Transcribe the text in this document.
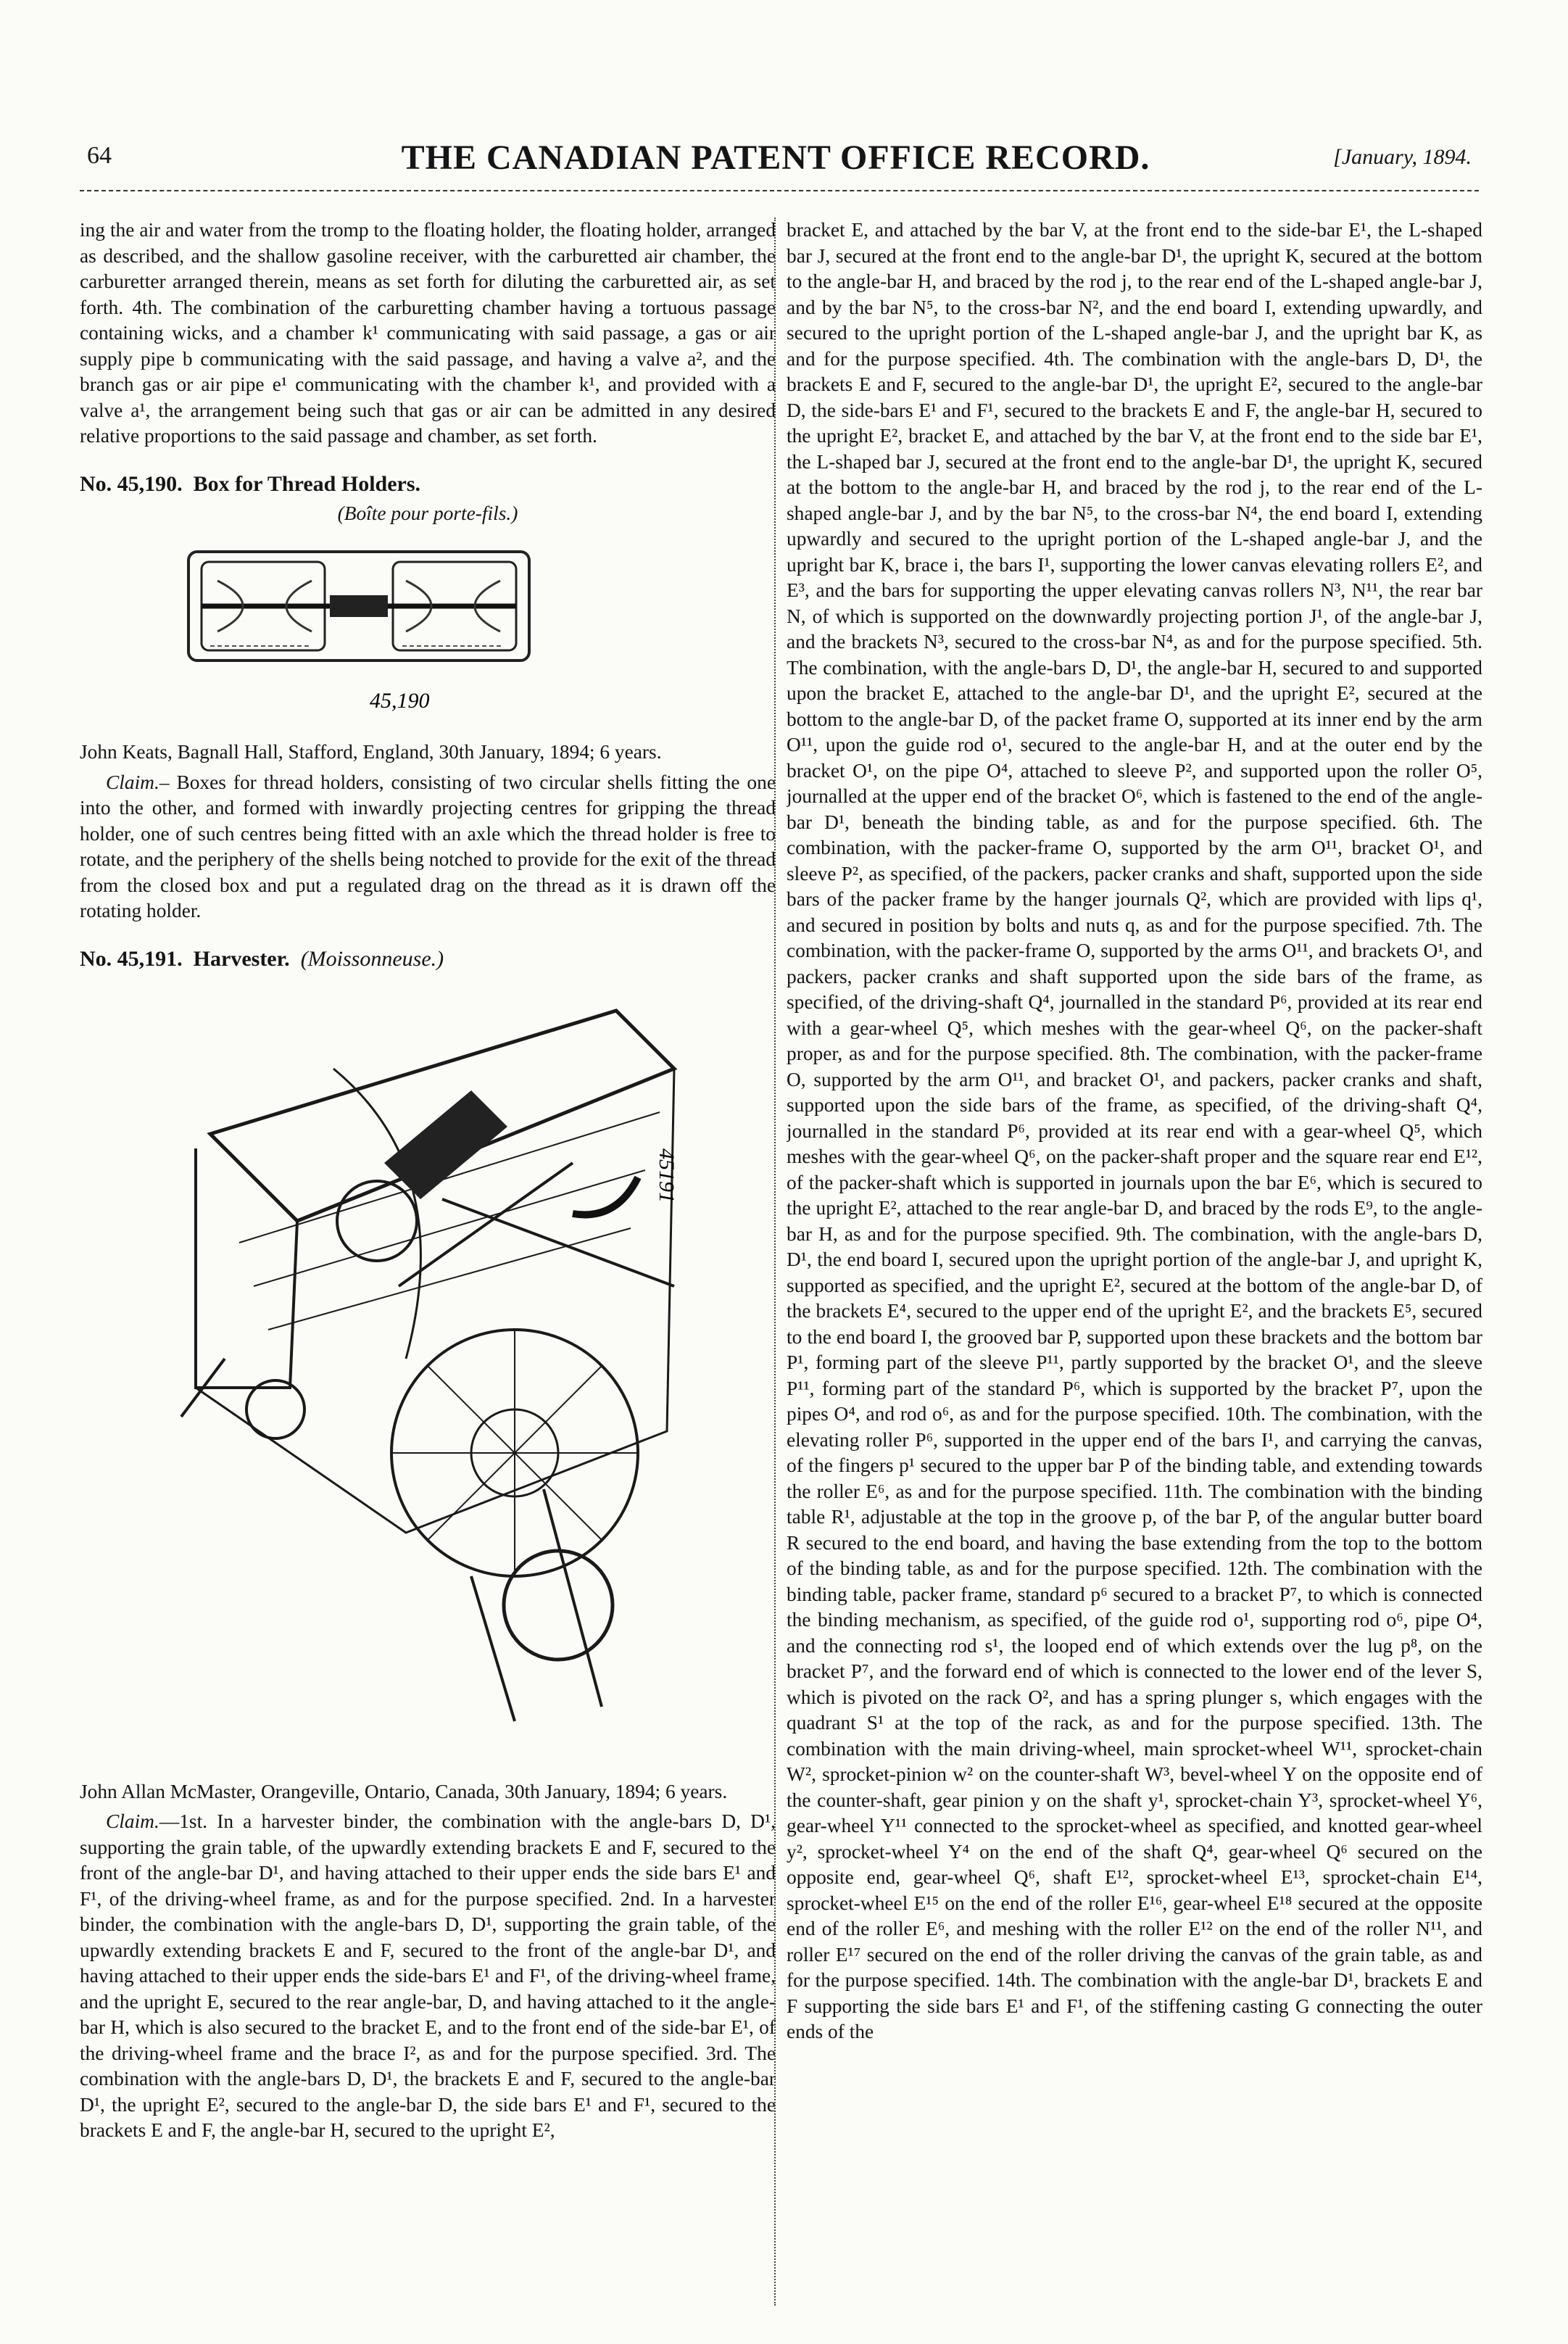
64	THE CANADIAN PATENT OFFICE RECORD.	[January, 1894.

ing the air and water from the tromp to the floating holder, the floating holder, arranged as described, and the shallow gasoline receiver, with the carburetted air chamber, the carburetter arranged therein, means as set forth for diluting the carburetted air, as set forth. 4th. The combination of the carburetting chamber having a tortuous passage containing wicks, and a chamber k¹ communicating with said passage, a gas or air supply pipe b communicating with the said passage, and having a valve a², and the branch gas or air pipe e¹ communicating with the chamber k¹, and provided with a valve a¹, the arrangement being such that gas or air can be admitted in any desired relative proportions to the said passage and chamber, as set forth.

No. 45,190. Box for Thread Holders.

(Boîte pour porte-fils.)

45,190

John Keats, Bagnall Hall, Stafford, England, 30th January, 1894; 6 years.

Claim.– Boxes for thread holders, consisting of two circular shells fitting the one into the other, and formed with inwardly projecting centres for gripping the thread holder, one of such centres being fitted with an axle which the thread holder is free to rotate, and the periphery of the shells being notched to provide for the exit of the thread from the closed box and put a regulated drag on the thread as it is drawn off the rotating holder.

No. 45,191. Harvester. (Moissonneuse.)

45191

John Allan McMaster, Orangeville, Ontario, Canada, 30th January, 1894; 6 years.

Claim.—1st. In a harvester binder, the combination with the angle-bars D, D¹, supporting the grain table, of the upwardly extending brackets E and F, secured to the front of the angle-bar D¹, and having attached to their upper ends the side bars E¹ and F¹, of the driving-wheel frame, as and for the purpose specified. 2nd. In a harvester binder, the combination with the angle-bars D, D¹, supporting the grain table, of the upwardly extending brackets E and F, secured to the front of the angle-bar D¹, and having attached to their upper ends the side-bars E¹ and F¹, of the driving-wheel frame, and the upright E, secured to the rear angle-bar, D, and having attached to it the angle-bar H, which is also secured to the bracket E, and to the front end of the side-bar E¹, of the driving-wheel frame and the brace I², as and for the purpose specified. 3rd. The combination with the angle-bars D, D¹, the brackets E and F, secured to the angle-bar D¹, the upright E², secured to the angle-bar D, the side bars E¹ and F¹, secured to the brackets E and F, the angle-bar H, secured to the upright E²,

bracket E, and attached by the bar V, at the front end to the side-bar E¹, the L-shaped bar J, secured at the front end to the angle-bar D¹, the upright K, secured at the bottom to the angle-bar H, and braced by the rod j, to the rear end of the L-shaped angle-bar J, and by the bar N⁵, to the cross-bar N², and the end board I, extending upwardly, and secured to the upright portion of the L-shaped angle-bar J, and the upright bar K, as and for the purpose specified. 4th. The combination with the angle-bars D, D¹, the brackets E and F, secured to the angle-bar D¹, the upright E², secured to the angle-bar D, the side-bars E¹ and F¹, secured to the brackets E and F, the angle-bar H, secured to the upright E², bracket E, and attached by the bar V, at the front end to the side bar E¹, the L-shaped bar J, secured at the front end to the angle-bar D¹, the upright K, secured at the bottom to the angle-bar H, and braced by the rod j, to the rear end of the L-shaped angle-bar J, and by the bar N⁵, to the cross-bar N⁴, the end board I, extending upwardly and secured to the upright portion of the L-shaped angle-bar J, and the upright bar K, brace i, the bars I¹, supporting the lower canvas elevating rollers E², and E³, and the bars for supporting the upper elevating canvas rollers N³, N¹¹, the rear bar N, of which is supported on the downwardly projecting portion J¹, of the angle-bar J, and the brackets N³, secured to the cross-bar N⁴, as and for the purpose specified. 5th. The combination, with the angle-bars D, D¹, the angle-bar H, secured to and supported upon the bracket E, attached to the angle-bar D¹, and the upright E², secured at the bottom to the angle-bar D, of the packet frame O, supported at its inner end by the arm O¹¹, upon the guide rod o¹, secured to the angle-bar H, and at the outer end by the bracket O¹, on the pipe O⁴, attached to sleeve P², and supported upon the roller O⁵, journalled at the upper end of the bracket O⁶, which is fastened to the end of the angle-bar D¹, beneath the binding table, as and for the purpose specified. 6th. The combination, with the packer-frame O, supported by the arm O¹¹, bracket O¹, and sleeve P², as specified, of the packers, packer cranks and shaft, supported upon the side bars of the packer frame by the hanger journals Q², which are provided with lips q¹, and secured in position by bolts and nuts q, as and for the purpose specified. 7th. The combination, with the packer-frame O, supported by the arms O¹¹, and brackets O¹, and packers, packer cranks and shaft supported upon the side bars of the frame, as specified, of the driving-shaft Q⁴, journalled in the standard P⁶, provided at its rear end with a gear-wheel Q⁵, which meshes with the gear-wheel Q⁶, on the packer-shaft proper, as and for the purpose specified. 8th. The combination, with the packer-frame O, supported by the arm O¹¹, and bracket O¹, and packers, packer cranks and shaft, supported upon the side bars of the frame, as specified, of the driving-shaft Q⁴, journalled in the standard P⁶, provided at its rear end with a gear-wheel Q⁵, which meshes with the gear-wheel Q⁶, on the packer-shaft proper and the square rear end E¹², of the packer-shaft which is supported in journals upon the bar E⁶, which is secured to the upright E², attached to the rear angle-bar D, and braced by the rods E⁹, to the angle-bar H, as and for the purpose specified. 9th. The combination, with the angle-bars D, D¹, the end board I, secured upon the upright portion of the angle-bar J, and upright K, supported as specified, and the upright E², secured at the bottom of the angle-bar D, of the brackets E⁴, secured to the upper end of the upright E², and the brackets E⁵, secured to the end board I, the grooved bar P, supported upon these brackets and the bottom bar P¹, forming part of the sleeve P¹¹, partly supported by the bracket O¹, and the sleeve P¹¹, forming part of the standard P⁶, which is supported by the bracket P⁷, upon the pipes O⁴, and rod o⁶, as and for the purpose specified. 10th. The combination, with the elevating roller P⁶, supported in the upper end of the bars I¹, and carrying the canvas, of the fingers p¹ secured to the upper bar P of the binding table, and extending towards the roller E⁶, as and for the purpose specified. 11th. The combination with the binding table R¹, adjustable at the top in the groove p, of the bar P, of the angular butter board R secured to the end board, and having the base extending from the top to the bottom of the binding table, as and for the purpose specified. 12th. The combination with the binding table, packer frame, standard p⁶ secured to a bracket P⁷, to which is connected the binding mechanism, as specified, of the guide rod o¹, supporting rod o⁶, pipe O⁴, and the connecting rod s¹, the looped end of which extends over the lug p⁸, on the bracket P⁷, and the forward end of which is connected to the lower end of the lever S, which is pivoted on the rack O², and has a spring plunger s, which engages with the quadrant S¹ at the top of the rack, as and for the purpose specified. 13th. The combination with the main driving-wheel, main sprocket-wheel W¹¹, sprocket-chain W², sprocket-pinion w² on the counter-shaft W³, bevel-wheel Y on the opposite end of the counter-shaft, gear pinion y on the shaft y¹, sprocket-chain Y³, sprocket-wheel Y⁶, gear-wheel Y¹¹ connected to the sprocket-wheel as specified, and knotted gear-wheel y², sprocket-wheel Y⁴ on the end of the shaft Q⁴, gear-wheel Q⁶ secured on the opposite end, gear-wheel Q⁶, shaft E¹², sprocket-wheel E¹³, sprocket-chain E¹⁴, sprocket-wheel E¹⁵ on the end of the roller E¹⁶, gear-wheel E¹⁸ secured at the opposite end of the roller E⁶, and meshing with the roller E¹² on the end of the roller N¹¹, and roller E¹⁷ secured on the end of the roller driving the canvas of the grain table, as and for the purpose specified. 14th. The combination with the angle-bar D¹, brackets E and F supporting the side bars E¹ and F¹, of the stiffening casting G connecting the outer ends of the
